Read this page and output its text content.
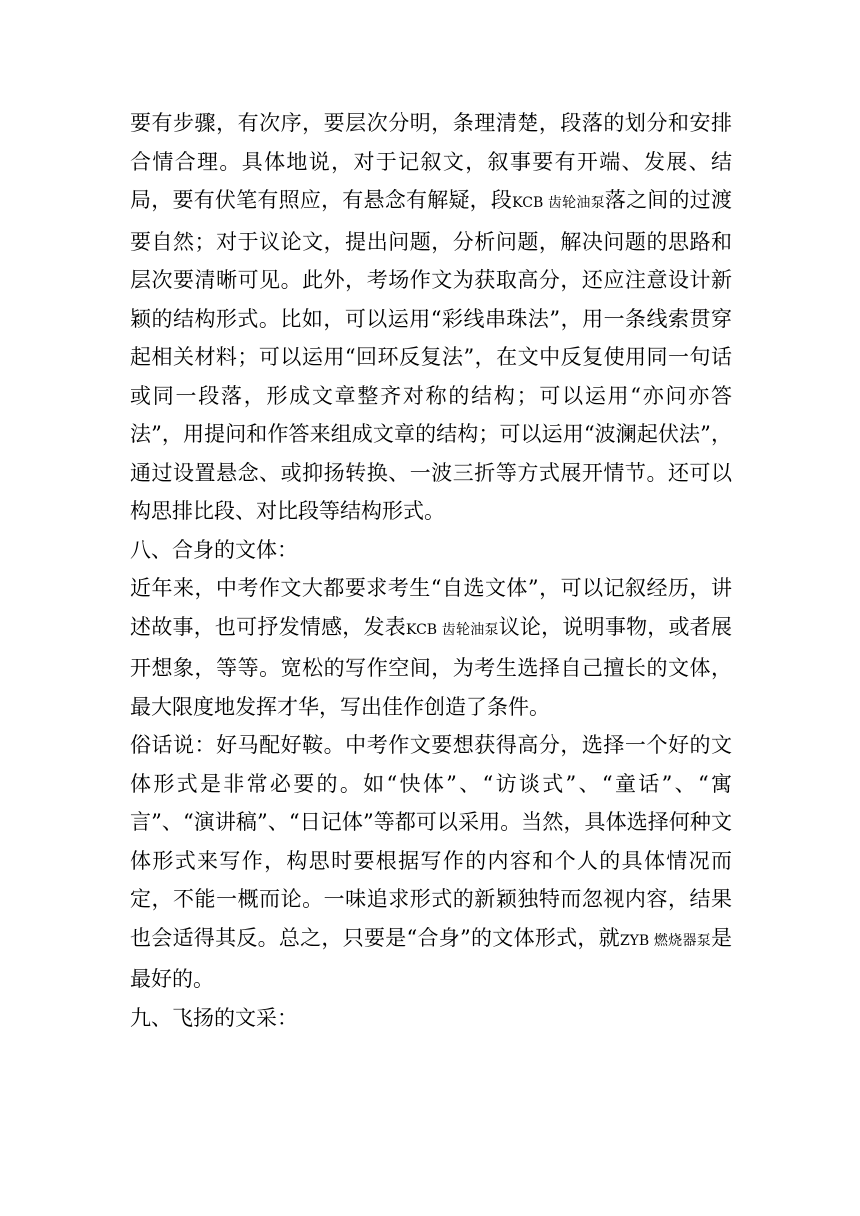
要有步骤，有次序，要层次分明，条理清楚，段落的划分和安排合情合理。具体地说，对于记叙文，叙事要有开端、发展、结局，要有伏笔有照应，有悬念有解疑，段KCB 齿轮油泵落之间的过渡要自然；对于议论文，提出问题，分析问题，解决问题的思路和层次要清晰可见。此外，考场作文为获取高分，还应注意设计新颖的结构形式。比如，可以运用“彩线串珠法”，用一条线索贯穿起相关材料；可以运用“回环反复法”，在文中反复使用同一句话或同一段落，形成文章整齐对称的结构；可以运用“亦问亦答法”，用提问和作答来组成文章的结构；可以运用“波澜起伏法”，通过设置悬念、或抑扬转换、一波三折等方式展开情节。还可以构思排比段、对比段等结构形式。

八、合身的文体：

近年来，中考作文大都要求考生“自选文体”，可以记叙经历，讲述故事，也可抒发情感，发表KCB 齿轮油泵议论，说明事物，或者展开想象，等等。宽松的写作空间，为考生选择自己擅长的文体，最大限度地发挥才华，写出佳作创造了条件。

俗话说：好马配好鞍。中考作文要想获得高分，选择一个好的文体形式是非常必要的。如“快体”、“访谈式”、“童话”、“寓言”、“演讲稿”、“日记体”等都可以采用。当然，具体选择何种文体形式来写作，构思时要根据写作的内容和个人的具体情况而定，不能一概而论。一味追求形式的新颖独特而忽视内容，结果也会适得其反。总之，只要是“合身”的文体形式，就ZYB 燃烧器泵是最好的。

九、飞扬的文采：
